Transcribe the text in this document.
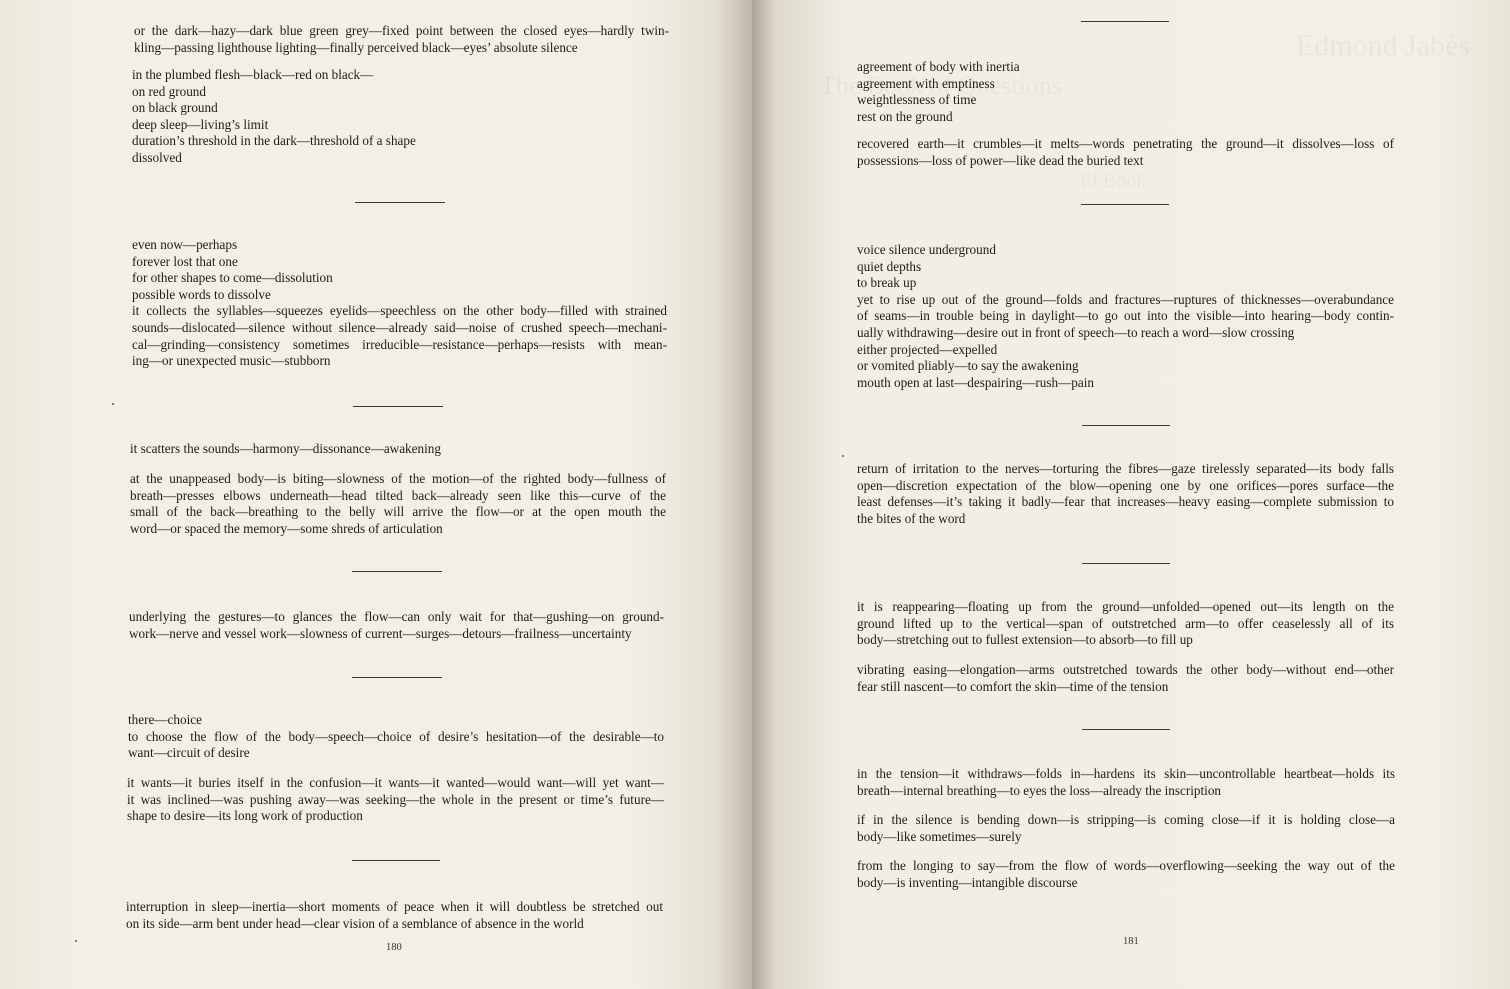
or the dark—hazy—dark blue green grey—fixed point between the closed eyes—hardly twin-
kling—passing lighthouse lighting—finally perceived black—eyes’ absolute silence
in the plumbed flesh—black—red on black—
on red ground
on black ground
deep sleep—living’s limit
duration’s threshold in the dark—threshold of a shape
dissolved
even now—perhaps
forever lost that one
for other shapes to come—dissolution
possible words to dissolve
it collects the syllables—squeezes eyelids—speechless on the other body—filled with strained
sounds—dislocated—silence without silence—already said—noise of crushed speech—mechani-
cal—grinding—consistency sometimes irreducible—resistance—perhaps—resists with mean-
ing—or unexpected music—stubborn
it scatters the sounds—harmony—dissonance—awakening
at the unappeased body—is biting—slowness of the motion—of the righted body—fullness of
breath—presses elbows underneath—head tilted back—already seen like this—curve of the
small of the back—breathing to the belly will arrive the flow—or at the open mouth the
word—or spaced the memory—some shreds of articulation
underlying the gestures—to glances the flow—can only wait for that—gushing—on ground-
work—nerve and vessel work—slowness of current—surges—detours—frailness—uncertainty
there—choice
to choose the flow of the body—speech—choice of desire’s hesitation—of the desirable—to
want—circuit of desire
it wants—it buries itself in the confusion—it wants—it wanted—would want—will yet want—
it was inclined—was pushing away—was seeking—the whole in the present or time’s future—
shape to desire—its long work of production
interruption in sleep—inertia—short moments of peace when it will doubtless be stretched out
on its side—arm bent under head—clear vision of a semblance of absence in the world
180
agreement of body with inertia
agreement with emptiness
weightlessness of time
rest on the ground
recovered earth—it crumbles—it melts—words penetrating the ground—it dissolves—loss of
possessions—loss of power—like dead the buried text
voice silence underground
quiet depths
to break up
yet to rise up out of the ground—folds and fractures—ruptures of thicknesses—overabundance
of seams—in trouble being in daylight—to go out into the visible—into hearing—body contin-
ually withdrawing—desire out in front of speech—to reach a word—slow crossing
either projected—expelled
or vomited pliably—to say the awakening
mouth open at last—despairing—rush—pain
return of irritation to the nerves—torturing the fibres—gaze tirelessly separated—its body falls
open—discretion expectation of the blow—opening one by one orifices—pores surface—the
least defenses—it’s taking it badly—fear that increases—heavy easing—complete submission to
the bites of the word
it is reappearing—floating up from the ground—unfolded—opened out—its length on the
ground lifted up to the vertical—span of outstretched arm—to offer ceaselessly all of its
body—stretching out to fullest extension—to absorb—to fill up
vibrating easing—elongation—arms outstretched towards the other body—without end—other
fear still nascent—to comfort the skin—time of the tension
in the tension—it withdraws—folds in—hardens its skin—uncontrollable heartbeat—holds its
breath—internal breathing—to eyes the loss—already the inscription
if in the silence is bending down—is stripping—is coming close—if it is holding close—a
body—like sometimes—surely
from the longing to say—from the flow of words—overflowing—seeking the way out of the
body—is inventing—intangible discourse
181
